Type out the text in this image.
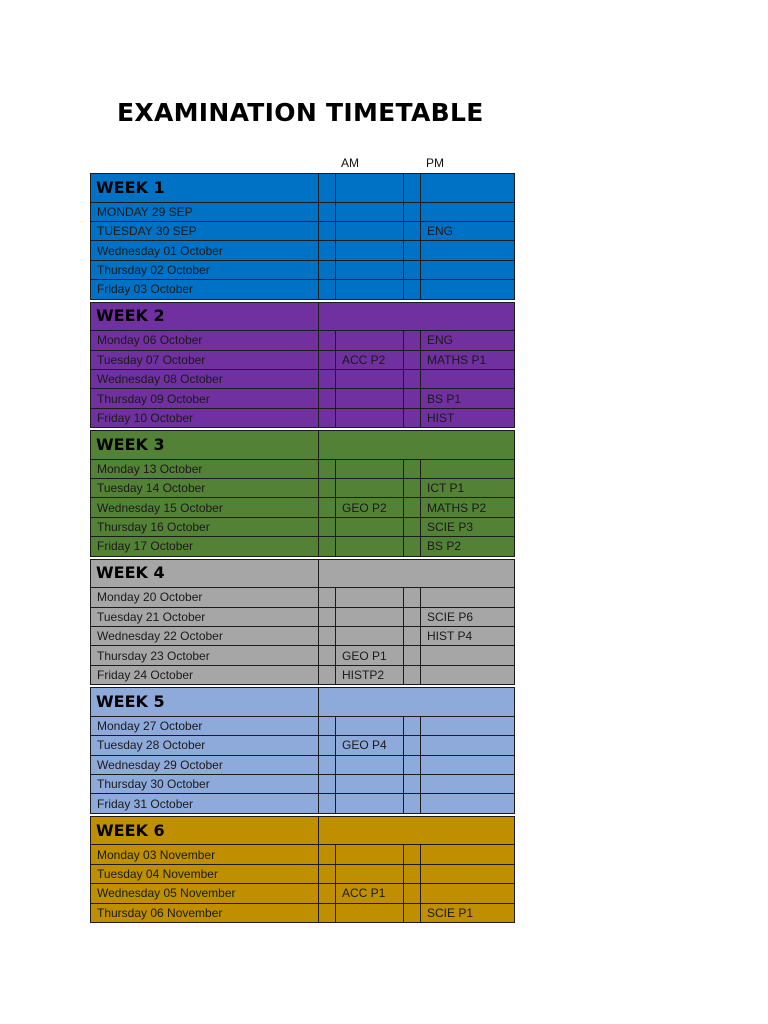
EXAMINATION TIMETABLE
AM	PM
WEEK 1				
MONDAY 29 SEP				
TUESDAY 30 SEP				ENG
Wednesday 01 October				
Thursday 02 October				
Friday 03 October				

WEEK 2				
Monday 06 October				ENG
Tuesday 07 October		ACC P2		MATHS P1
Wednesday 08 October				
Thursday 09 October				BS P1
Friday 10 October				HIST

WEEK 3				
Monday 13 October				
Tuesday 14 October				ICT P1
Wednesday 15 October		GEO P2		MATHS P2
Thursday 16 October				SCIE P3
Friday 17 October				BS P2

WEEK 4				
Monday 20 October				
Tuesday 21 October				SCIE P6
Wednesday 22 October				HIST P4
Thursday 23 October		GEO P1		
Friday 24 October		HISTP2		

WEEK 5				
Monday 27 October				
Tuesday 28 October		GEO P4		
Wednesday 29 October				
Thursday 30 October				
Friday 31 October				

WEEK 6				
Monday 03 November				
Tuesday 04 November				
Wednesday 05 November		ACC P1		
Thursday 06 November				SCIE P1
